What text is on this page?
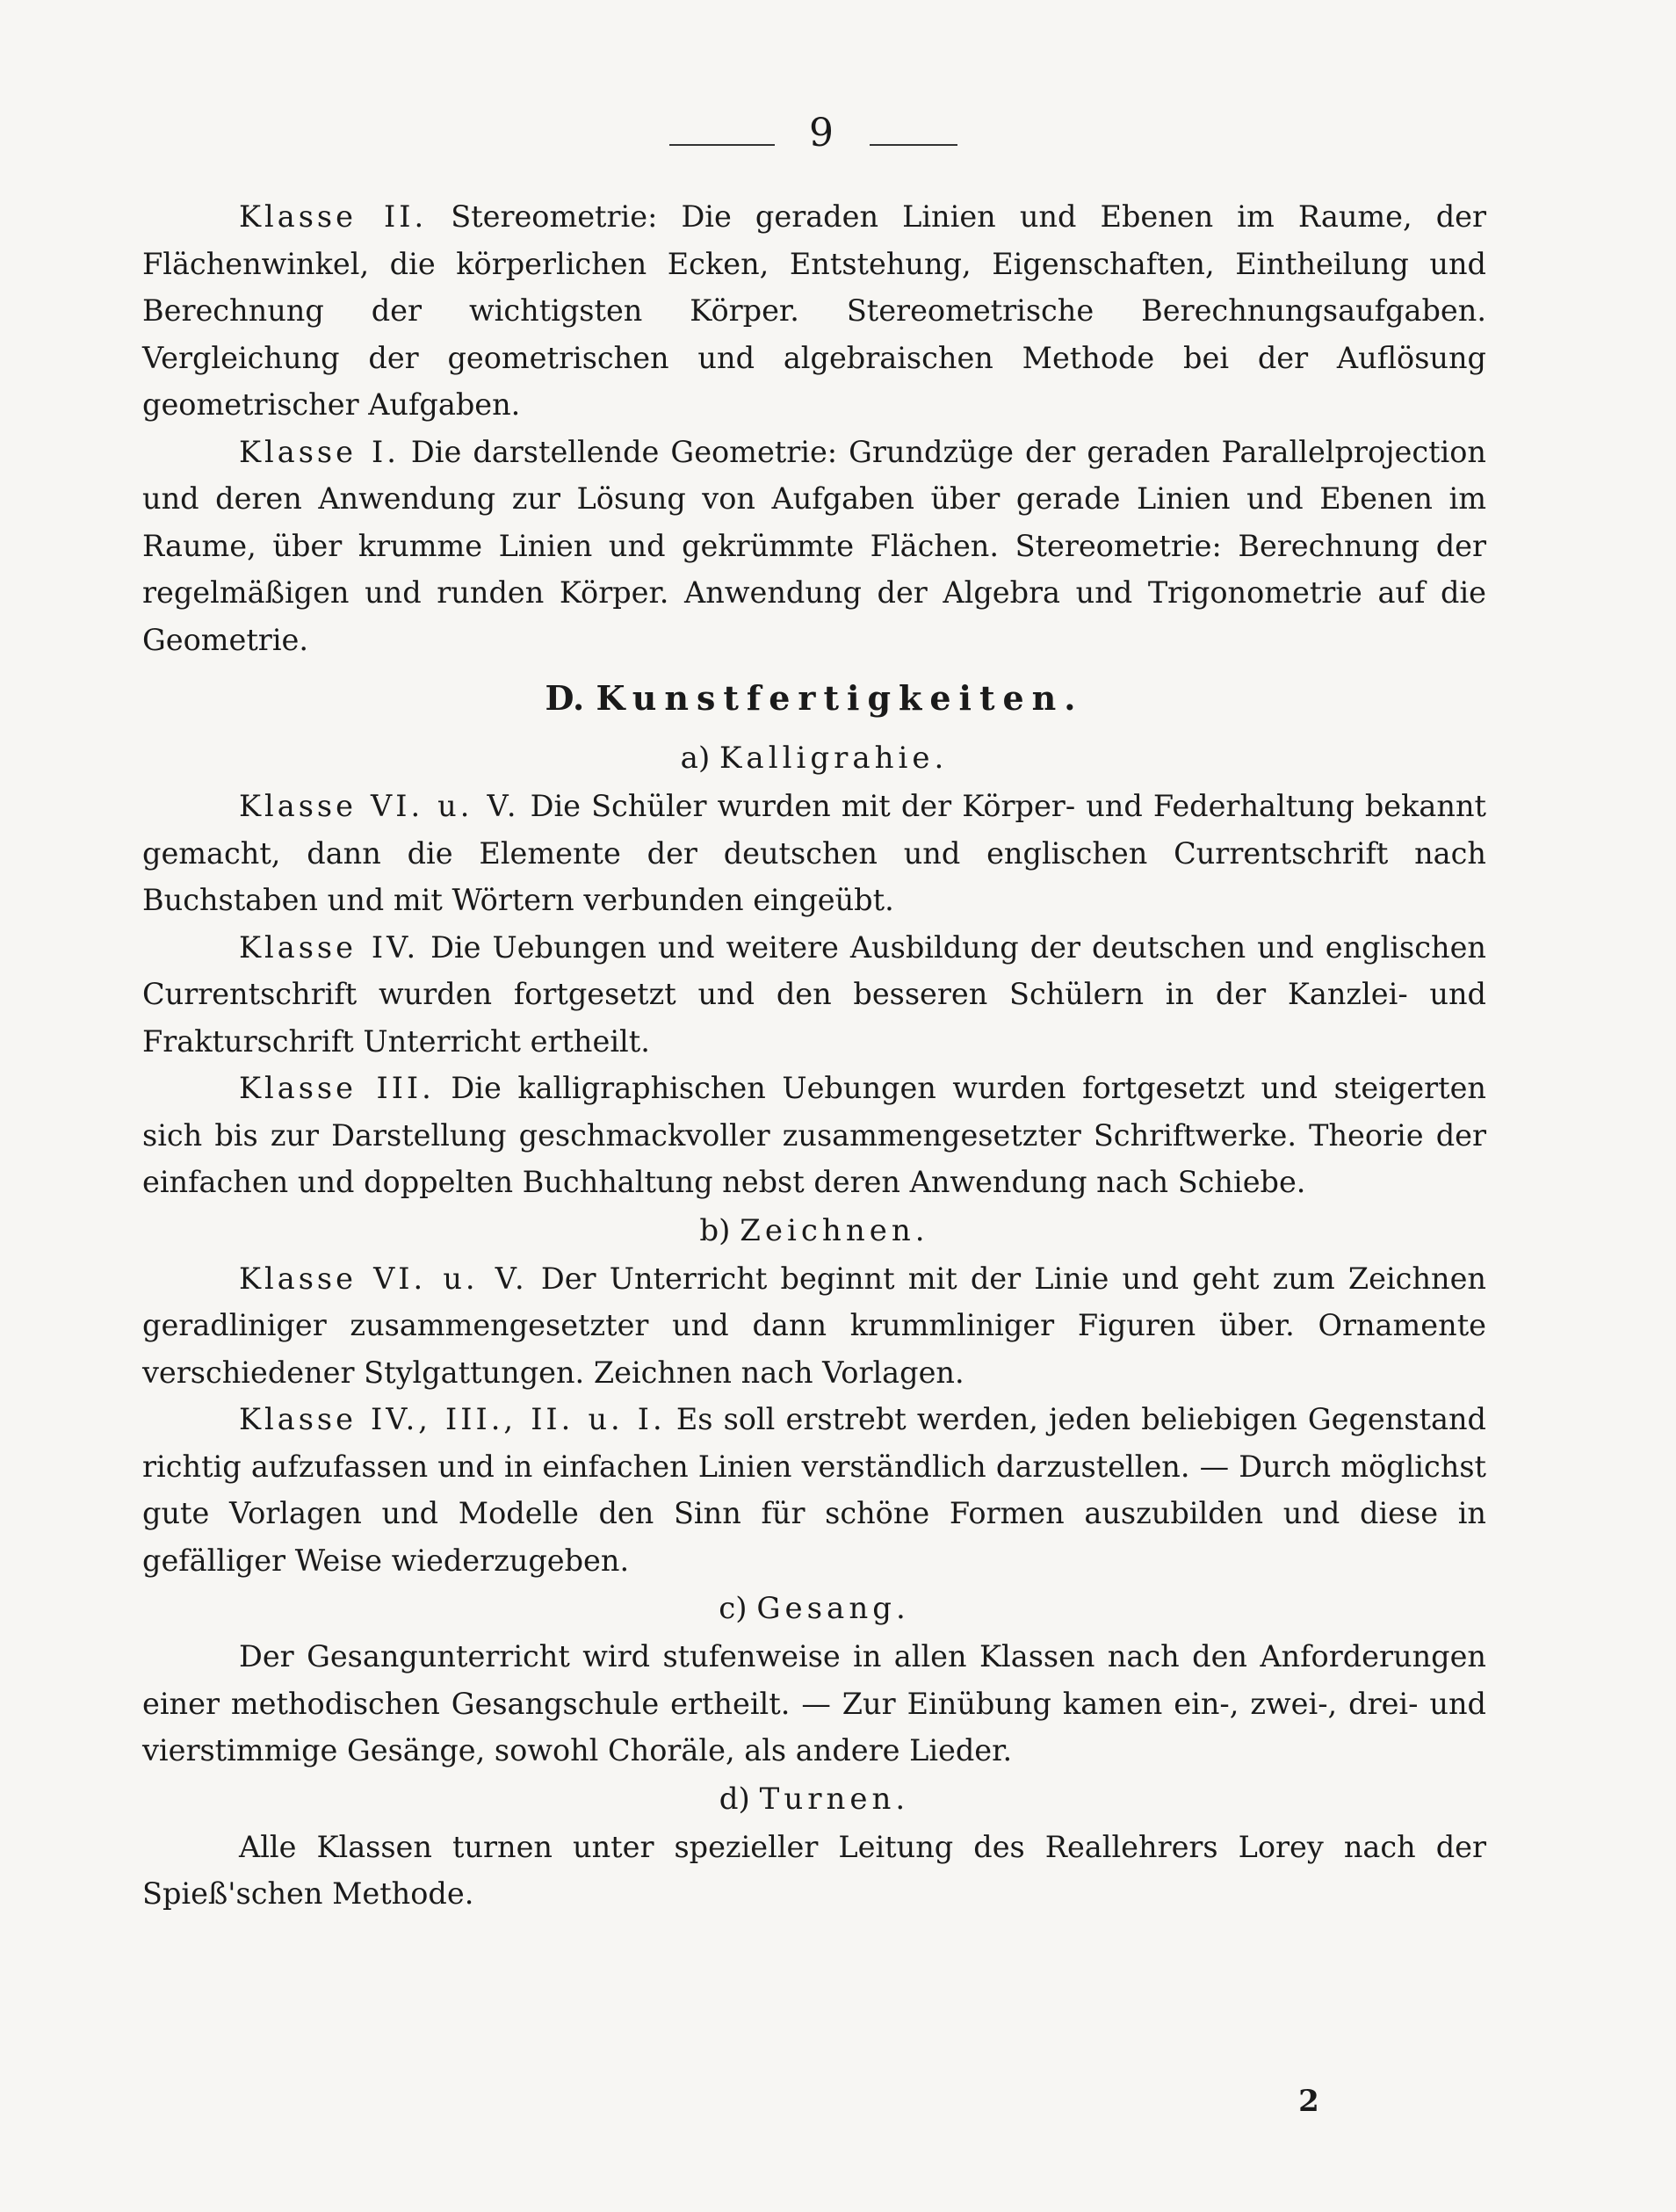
9

Klasse II. Stereometrie: Die geraden Linien und Ebenen im Raume, der Flächenwinkel, die körperlichen Ecken, Entstehung, Eigenschaften, Eintheilung und Berechnung der wichtigsten Körper. Stereometrische Berechnungsaufgaben. Vergleichung der geometrischen und algebraischen Methode bei der Auflösung geometrischer Aufgaben.

Klasse I. Die darstellende Geometrie: Grundzüge der geraden Parallelprojection und deren Anwendung zur Lösung von Aufgaben über gerade Linien und Ebenen im Raume, über krumme Linien und gekrümmte Flächen. Stereometrie: Berechnung der regelmäßigen und runden Körper. Anwendung der Algebra und Trigonometrie auf die Geometrie.

D. Kunstfertigkeiten.
a) Kalligrahie.

Klasse VI. u. V. Die Schüler wurden mit der Körper- und Federhaltung bekannt gemacht, dann die Elemente der deutschen und englischen Currentschrift nach Buchstaben und mit Wörtern verbunden eingeübt.

Klasse IV. Die Uebungen und weitere Ausbildung der deutschen und englischen Currentschrift wurden fortgesetzt und den besseren Schülern in der Kanzlei- und Frakturschrift Unterricht ertheilt.

Klasse III. Die kalligraphischen Uebungen wurden fortgesetzt und steigerten sich bis zur Darstellung geschmackvoller zusammengesetzter Schriftwerke. Theorie der einfachen und doppelten Buchhaltung nebst deren Anwendung nach Schiebe.

b) Zeichnen.

Klasse VI. u. V. Der Unterricht beginnt mit der Linie und geht zum Zeichnen geradliniger zusammengesetzter und dann krummliniger Figuren über. Ornamente verschiedener Stylgattungen. Zeichnen nach Vorlagen.

Klasse IV., III., II. u. I. Es soll erstrebt werden, jeden beliebigen Gegenstand richtig aufzufassen und in einfachen Linien verständlich darzustellen. — Durch möglichst gute Vorlagen und Modelle den Sinn für schöne Formen auszubilden und diese in gefälliger Weise wiederzugeben.

c) Gesang.

Der Gesangunterricht wird stufenweise in allen Klassen nach den Anforderungen einer methodischen Gesangschule ertheilt. — Zur Einübung kamen ein-, zwei-, drei- und vierstimmige Gesänge, sowohl Choräle, als andere Lieder.

d) Turnen.

Alle Klassen turnen unter spezieller Leitung des Reallehrers Lorey nach der Spieß'schen Methode.

2
